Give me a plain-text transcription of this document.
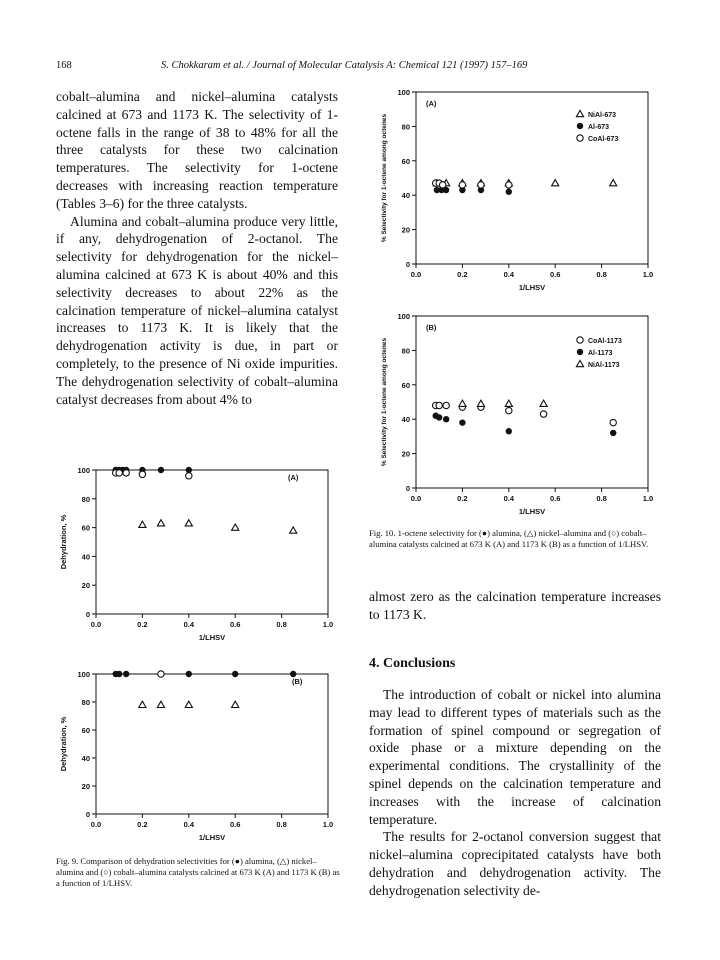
168	S. Chokkaram et al. / Journal of Molecular Catalysis A: Chemical 121 (1997) 157–169

cobalt–alumina and nickel–alumina catalysts calcined at 673 and 1173 K. The selectivity of 1-octene falls in the range of 38 to 48% for all the three catalysts for these two calcination temperatures. The selectivity for 1-octene decreases with increasing reaction temperature (Tables 3–6) for the three catalysts.

Alumina and cobalt–alumina produce very little, if any, dehydrogenation of 2-octanol. The selectivity for dehydrogenation for the nickel–alumina calcined at 673 K is about 40% and this selectivity decreases to about 22% as the calcination temperature of nickel–alumina catalyst increases to 1173 K. It is likely that the dehydrogenation activity is due, in part or completely, to the presence of Ni oxide impurities. The dehydrogenation selectivity of cobalt–alumina catalyst decreases from about 4% to

0
20
40
60
80
100
0.0	0.2	0.4	0.6	0.8	1.0
1/LHSV
% Selectivity for 1-octene among octenes
(A)
NiAl-673
Al-673
CoAl-673
0
20
40
60
80
100
0.0	0.2	0.4	0.6	0.8	1.0
1/LHSV
% Selectivity for 1-octene among octenes
(B)
CoAl-1173
Al-1173
NiAl-1173
Fig. 10. 1-octene selectivity for (●) alumina, (△) nickel–alumina and (○) cobalt–alumina catalysts calcined at 673 K (A) and 1173 K (B) as a function of 1/LHSV.

almost zero as the calcination temperature increases to 1173 K.

4. Conclusions

The introduction of cobalt or nickel into alumina may lead to different types of materials such as the formation of spinel compound or segregation of oxide phase or a mixture depending on the experimental conditions. The crystallinity of the spinel depends on the calcination temperature and increases with the increase of calcination temperature.

The results for 2-octanol conversion suggest that nickel–alumina coprecipitated catalysts have both dehydration and dehydrogenation activity. The dehydrogenation selectivity de-

0
20
40
60
80
100
0.0	0.2	0.4	0.6	0.8	1.0
1/LHSV
Dehydration, %
(A)
0
20
40
60
80
100
0.0	0.2	0.4	0.6	0.8	1.0
1/LHSV
Dehydration, %
(B)
Fig. 9. Comparison of dehydration selectivities for (●) alumina, (△) nickel–alumina and (○) cobalt–alumina catalysts calcined at 673 K (A) and 1173 K (B) as a function of 1/LHSV.
